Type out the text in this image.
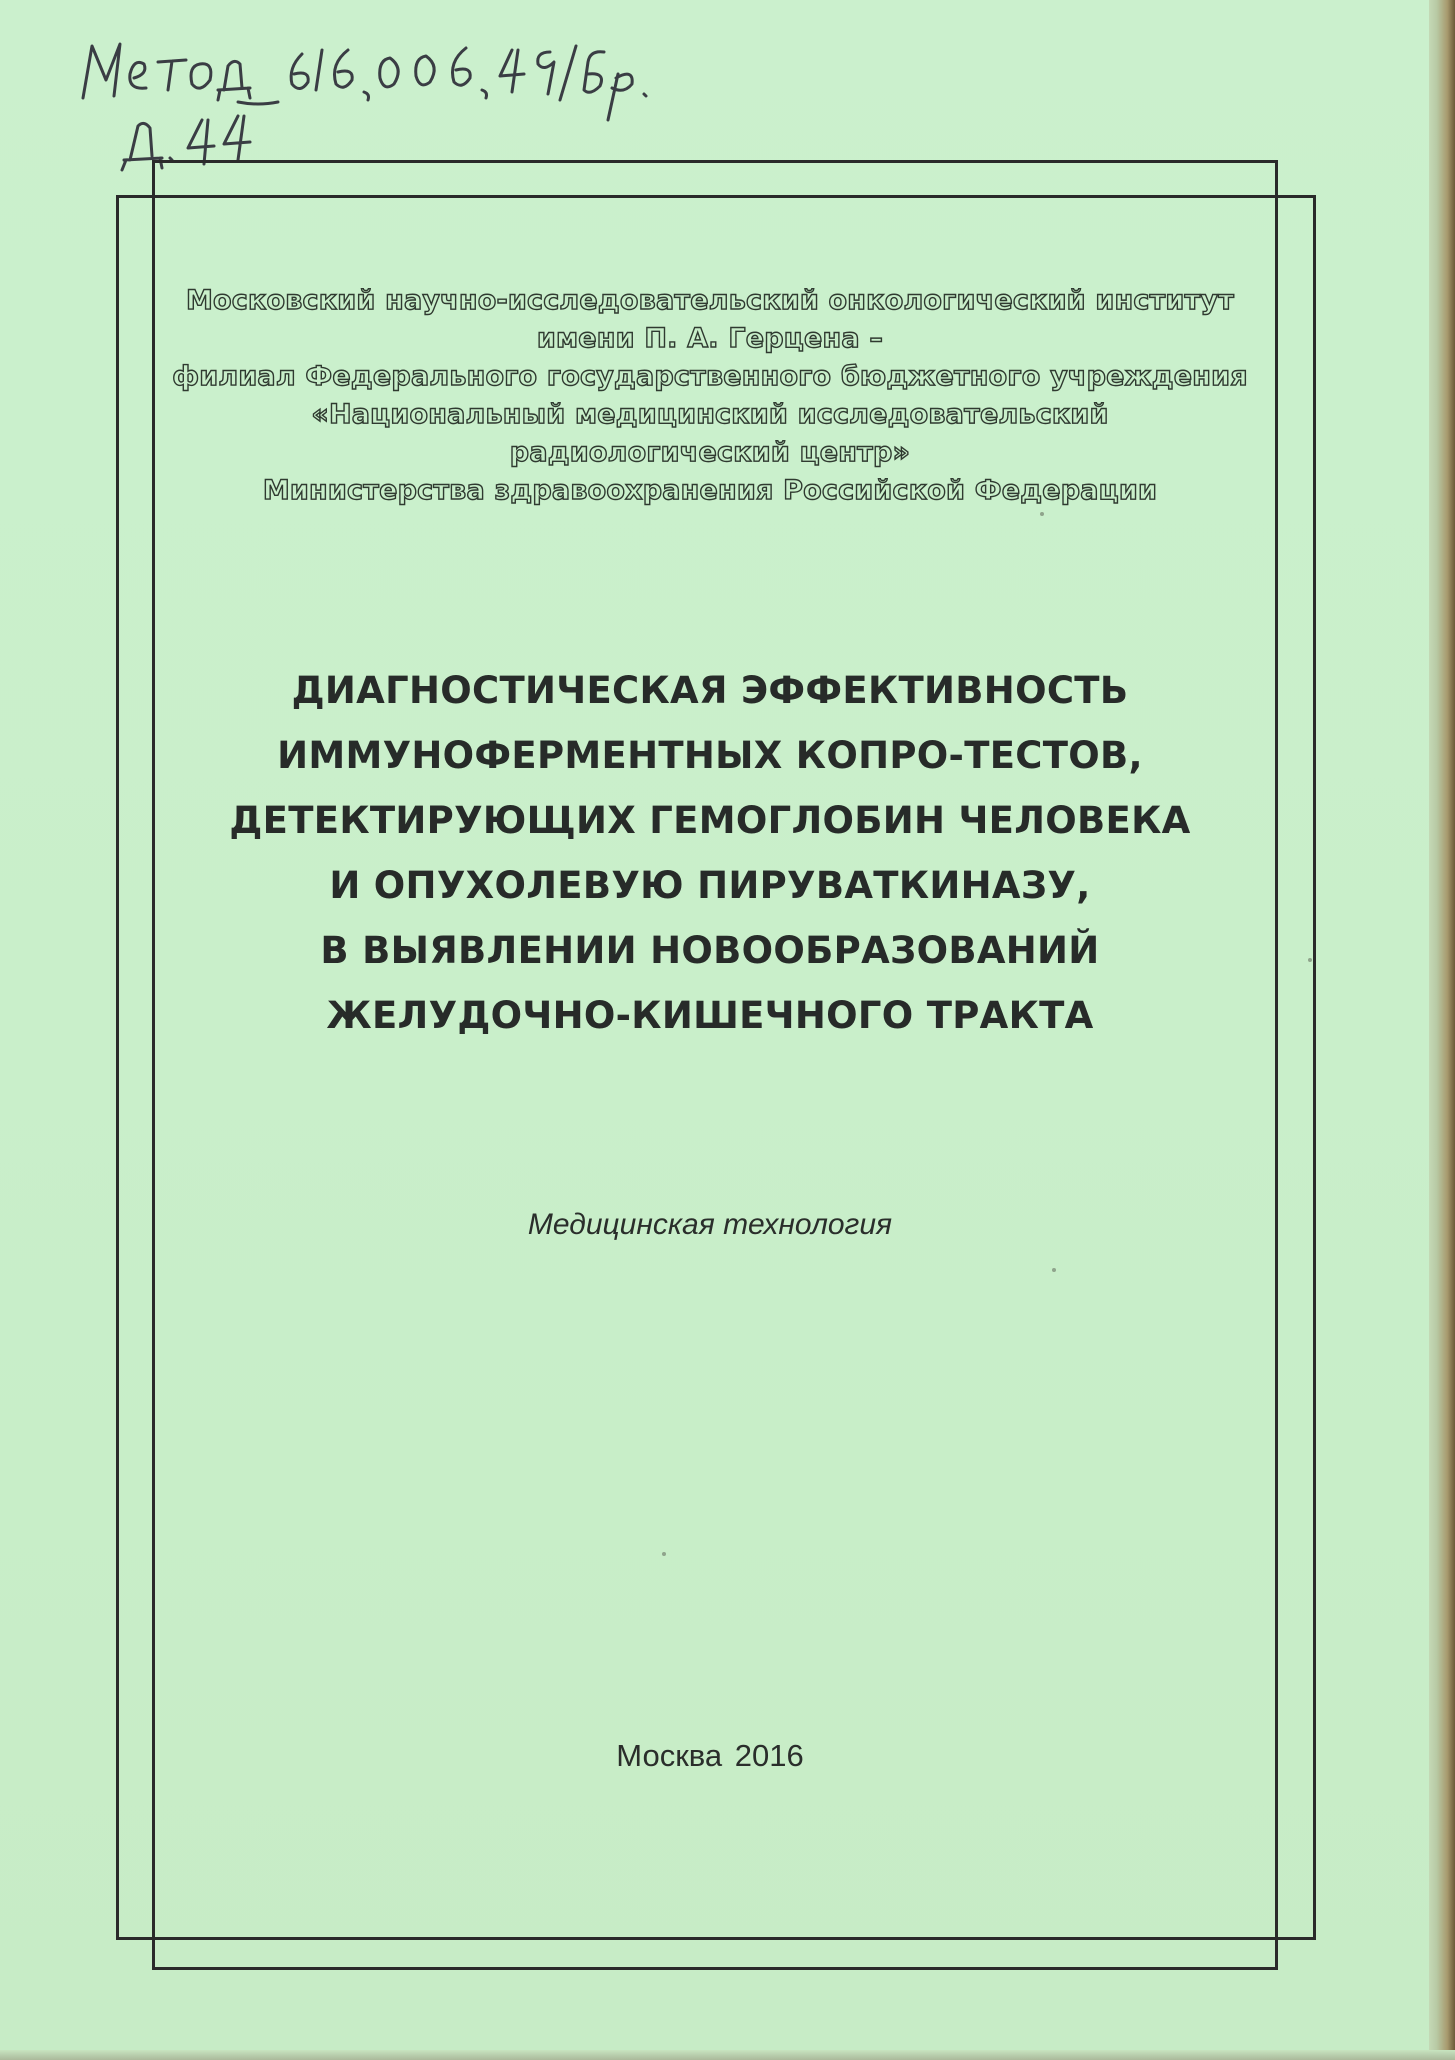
Московский научно-исследовательский онкологический институт
имени П. А. Герцена –
филиал Федерального государственного бюджетного учреждения
«Национальный медицинский исследовательский
радиологический центр»
Министерства здравоохранения Российской Федерации
ДИАГНОСТИЧЕСКАЯ ЭФФЕКТИВНОСТЬ
ИММУНОФЕРМЕНТНЫХ КОПРО-ТЕСТОВ,
ДЕТЕКТИРУЮЩИХ ГЕМОГЛОБИН ЧЕЛОВЕКА
И ОПУХОЛЕВУЮ ПИРУВАТКИНАЗУ,
В ВЫЯВЛЕНИИ НОВООБРАЗОВАНИЙ
ЖЕЛУДОЧНО-КИШЕЧНОГО ТРАКТА
Медицинская технология
Москва 2016
